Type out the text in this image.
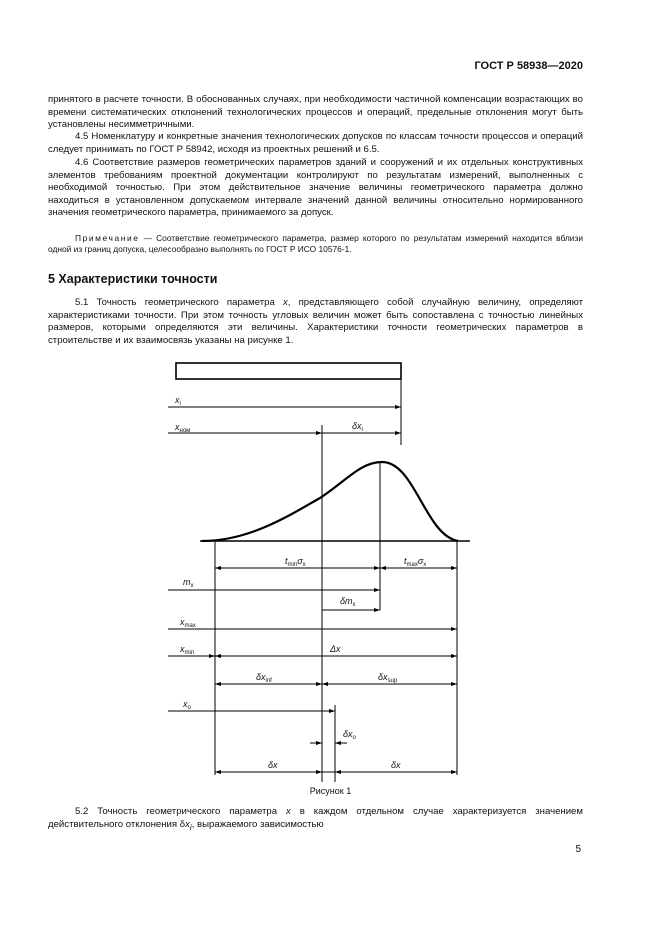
ГОСТ Р 58938—2020

принятого в расчете точности. В обоснованных случаях, при необходимости частичной компенсации возрастающих во времени систематических отклонений технологических процессов и операций, предельные отклонения могут быть установлены несимметричными.

4.5 Номенклатуру и конкретные значения технологических допусков по классам точности процессов и операций следует принимать по ГОСТ Р 58942, исходя из проектных решений и 6.5.

4.6 Соответствие размеров геометрических параметров зданий и сооружений и их отдельных конструктивных элементов требованиям проектной документации контролируют по результатам измерений, выполненных с необходимой точностью. При этом действительное значение величины геометрического параметра должно находиться в установленном допускаемом интервале значений данной величины относительно нормированного значения геометрического параметра, принимаемого за допуск.

Примечание — Соответствие геометрического параметра, размер которого по результатам измерений находится вблизи одной из границ допуска, целесообразно выполнять по ГОСТ Р ИСО 10576-1.

5 Характеристики точности

5.1 Точность геометрического параметра x, представляющего собой случайную величину, определяют характеристиками точности. При этом точность угловых величин может быть сопоставлена с точностью линейных размеров, которыми определяются эти величины. Характеристики точности геометрических параметров в строительстве и их взаимосвязь указаны на рисунке 1.

$x_i$
$x_{ном}$	$\delta x_i$
$t_{min}\sigma_x$	$t_{max}\sigma_x$
$m_x$
$\delta m_x$
$x_{max}$
$x_{min}$	Δx
$\delta x_{inf}$	$\delta x_{sup}$
$x_o$
$\delta x_o$
δx	δx
Рисунок 1

5.2 Точность геометрического параметра x в каждом отдельном случае характеризуется значением действительного отклонения $\delta x_i$, выражаемого зависимостью

5
